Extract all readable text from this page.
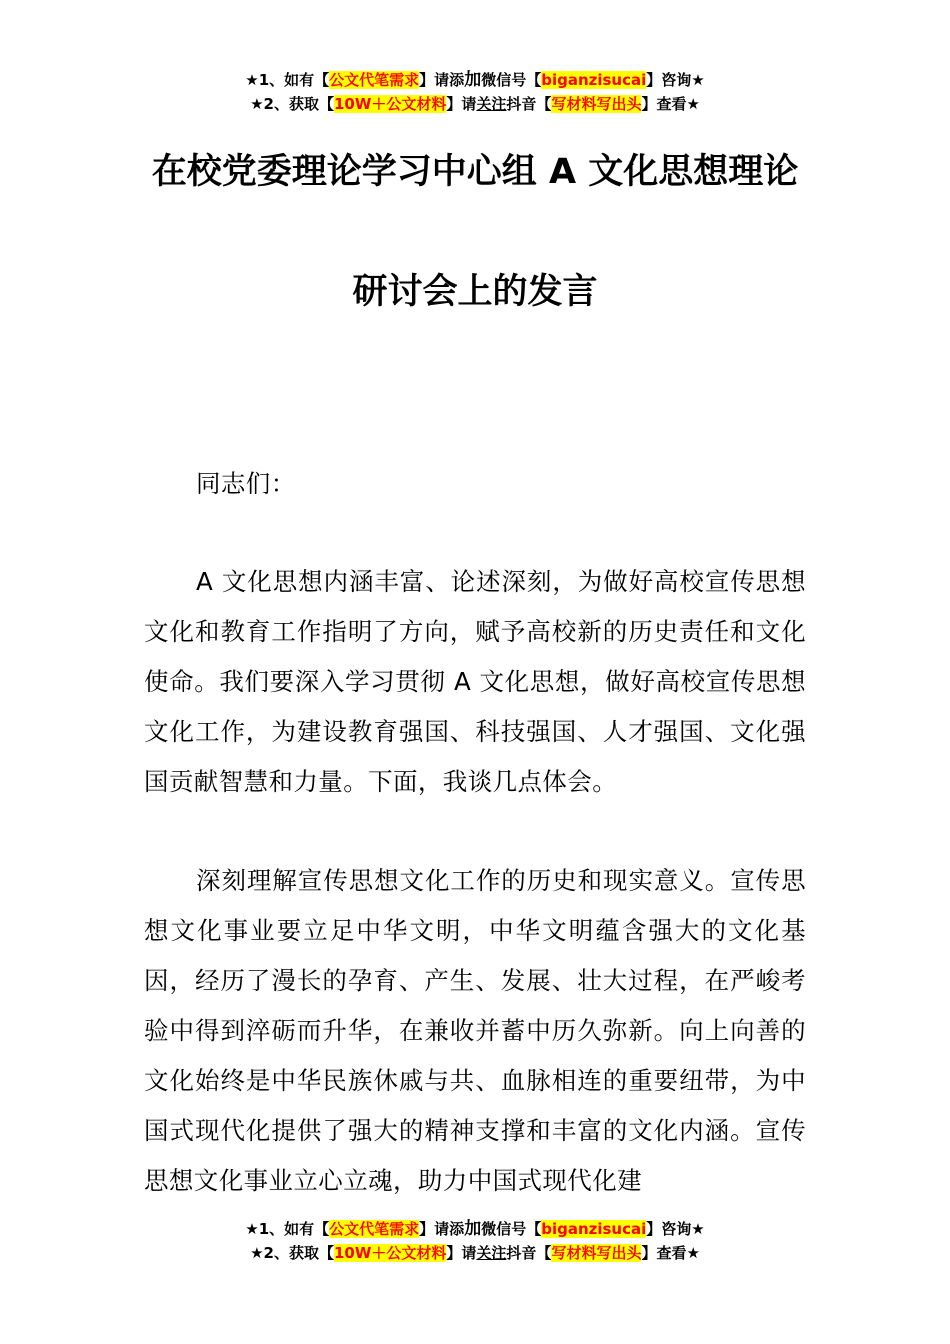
★1、如有【公文代笔需求】请添加微信号【biganzisucai】咨询★
★2、获取【10W＋公文材料】请关注抖音【写材料写出头】查看★
在校党委理论学习中心组 A 文化思想理论
研讨会上的发言
同志们：
A 文化思想内涵丰富、论述深刻，为做好高校宣传思想文化和教育工作指明了方向，赋予高校新的历史责任和文化使命。我们要深入学习贯彻 A 文化思想，做好高校宣传思想文化工作，为建设教育强国、科技强国、人才强国、文化强国贡献智慧和力量。下面，我谈几点体会。
深刻理解宣传思想文化工作的历史和现实意义。宣传思想文化事业要立足中华文明，中华文明蕴含强大的文化基因，经历了漫长的孕育、产生、发展、壮大过程，在严峻考验中得到淬砺而升华，在兼收并蓄中历久弥新。向上向善的文化始终是中华民族休戚与共、血脉相连的重要纽带，为中国式现代化提供了强大的精神支撑和丰富的文化内涵。宣传思想文化事业立心立魂，助力中国式现代化建
★1、如有【公文代笔需求】请添加微信号【biganzisucai】咨询★
★2、获取【10W＋公文材料】请关注抖音【写材料写出头】查看★
